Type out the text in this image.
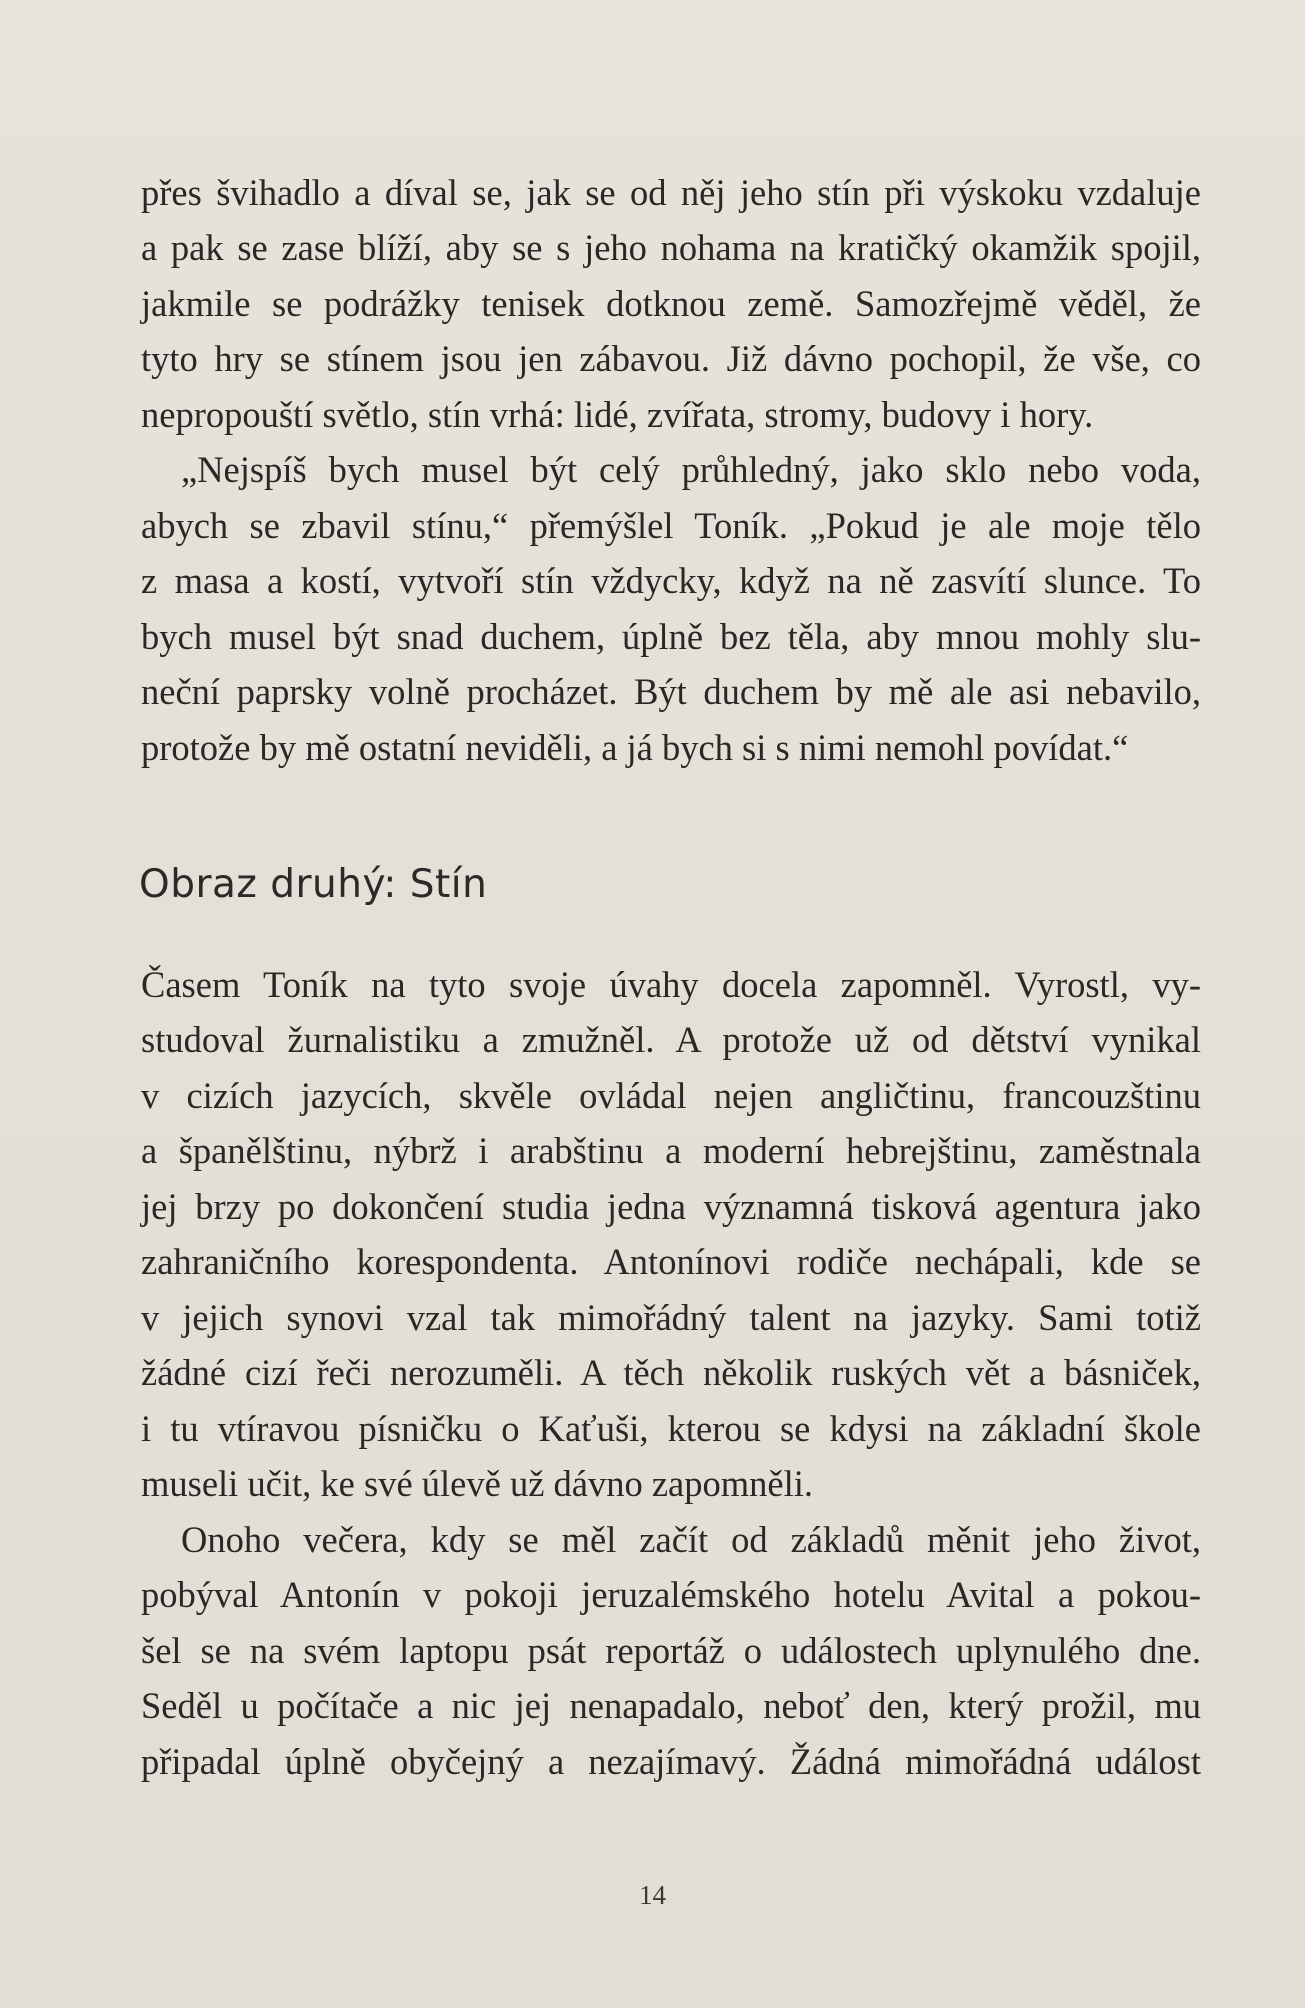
přes švihadlo a díval se, jak se od něj jeho stín při výskoku vzdaluje
a pak se zase blíží, aby se s jeho nohama na kratičký okamžik spojil,
jakmile se podrážky tenisek dotknou země. Samozřejmě věděl, že
tyto hry se stínem jsou jen zábavou. Již dávno pochopil, že vše, co
nepropouští světlo, stín vrhá: lidé, zvířata, stromy, budovy i hory.
„Nejspíš bych musel být celý průhledný, jako sklo nebo voda,
abych se zbavil stínu,“ přemýšlel Toník. „Pokud je ale moje tělo
z masa a kostí, vytvoří stín vždycky, když na ně zasvítí slunce. To
bych musel být snad duchem, úplně bez těla, aby mnou mohly slu-
neční paprsky volně procházet. Být duchem by mě ale asi nebavilo,
protože by mě ostatní neviděli, a já bych si s nimi nemohl povídat.“
Obraz druhý: Stín
Časem Toník na tyto svoje úvahy docela zapomněl. Vyrostl, vy-
studoval žurnalistiku a zmužněl. A protože už od dětství vynikal
v cizích jazycích, skvěle ovládal nejen angličtinu, francouzštinu
a španělštinu, nýbrž i arabštinu a moderní hebrejštinu, zaměstnala
jej brzy po dokončení studia jedna významná tisková agentura jako
zahraničního korespondenta. Antonínovi rodiče nechápali, kde se
v jejich synovi vzal tak mimořádný talent na jazyky. Sami totiž
žádné cizí řeči nerozuměli. A těch několik ruských vět a básniček,
i tu vtíravou písničku o Kaťuši, kterou se kdysi na základní škole
museli učit, ke své úlevě už dávno zapomněli.
Onoho večera, kdy se měl začít od základů měnit jeho život,
pobýval Antonín v pokoji jeruzalémského hotelu Avital a pokou-
šel se na svém laptopu psát reportáž o událostech uplynulého dne.
Seděl u počítače a nic jej nenapadalo, neboť den, který prožil, mu
připadal úplně obyčejný a nezajímavý. Žádná mimořádná událost
14
